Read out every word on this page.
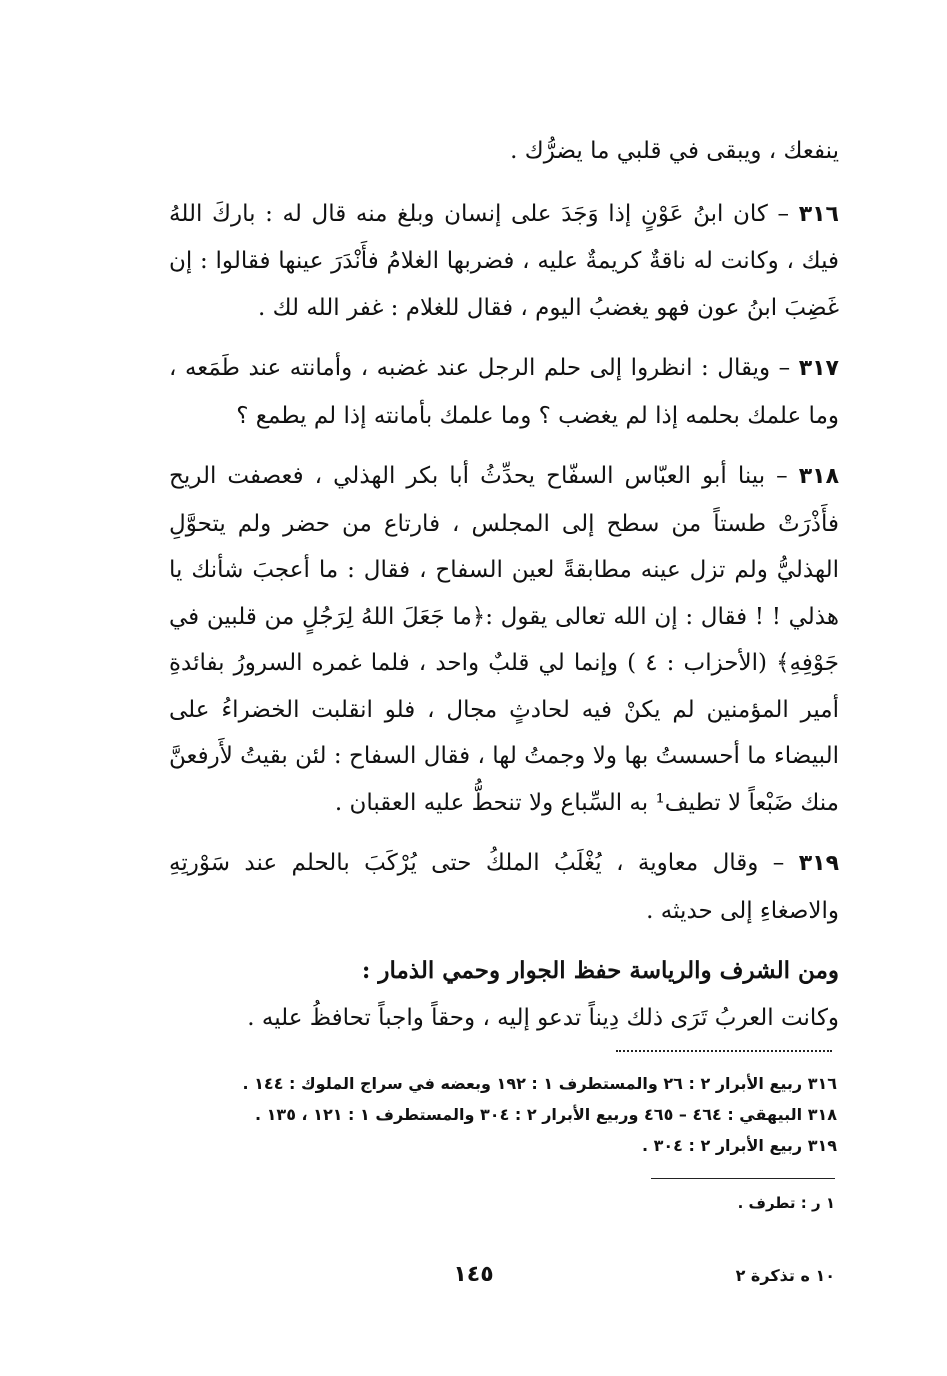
ينفعك ، ويبقى في قلبي ما يضرُّك .

٣١٦ – كان ابنُ عَوْنٍ إذا وَجَدَ على إنسان وبلغ منه قال له : باركَ اللهُ فيك ، وكانت له ناقةٌ كريمةٌ عليه ، فضربها الغلامُ فأَنْدَرَ عينها فقالوا : إن غَضِبَ ابنُ عون فهو يغضبُ اليوم ، فقال للغلام : غفر الله لك .

٣١٧ – ويقال : انظروا إلى حلم الرجل عند غضبه ، وأمانته عند طَمَعه ، وما علمك بحلمه إذا لم يغضب ؟ وما علمك بأمانته إذا لم يطمع ؟

٣١٨ – بينا أبو العبّاس السفّاح يحدِّثُ أبا بكر الهذلي ، فعصفت الريح فأَذْرَتْ طستاً من سطح إلى المجلس ، فارتاع من حضر ولم يتحوَّلِ الهذليُّ ولم تزل عينه مطابقةً لعين السفاح ، فقال : ما أعجبَ شأنك يا هذلي ! ! فقال : إن الله تعالى يقول :﴿ما جَعَلَ اللهُ لِرَجُلٍ من قلبين في جَوْفِهِ﴾ (الأحزاب : ٤ ) وإنما لي قلبٌ واحد ، فلما غمره السرورُ بفائدةِ أمير المؤمنين لم يكنْ فيه لحادثٍ مجال ، فلو انقلبت الخضراءُ على البيضاء ما أحسستُ بها ولا وجمتُ لها ، فقال السفاح : لئن بقيتُ لأَرفعنَّ منك ضَبْعاً لا تطيف¹ به السِّباع ولا تنحطُّ عليه العقبان .

٣١٩ – وقال معاوية ، يُغْلَبُ الملكُ حتى يُرْكَبَ بالحلم عند سَوْرتِهِ والاصغاءِ إلى حديثه .

ومن الشرف والرياسة حفظ الجوار وحمي الذمار :

وكانت العربُ تَرَى ذلك دِيناً تدعو إليه ، وحقاً واجباً تحافظُ عليه .

٣١٦ ربيع الأبرار ٢ : ٢٦ والمستطرف ١ : ١٩٢ وبعضه في سراج الملوك : ١٤٤ .

٣١٨ البيهقي : ٤٦٤ – ٤٦٥ وربيع الأبرار ٢ : ٣٠٤ والمستطرف ١ : ١٢١ ، ١٣٥ .

٣١٩ ربيع الأبرار ٢ : ٣٠٤ .

١ ر : تطرف .
١٤٥	١٠ ه تذكرة ٢
